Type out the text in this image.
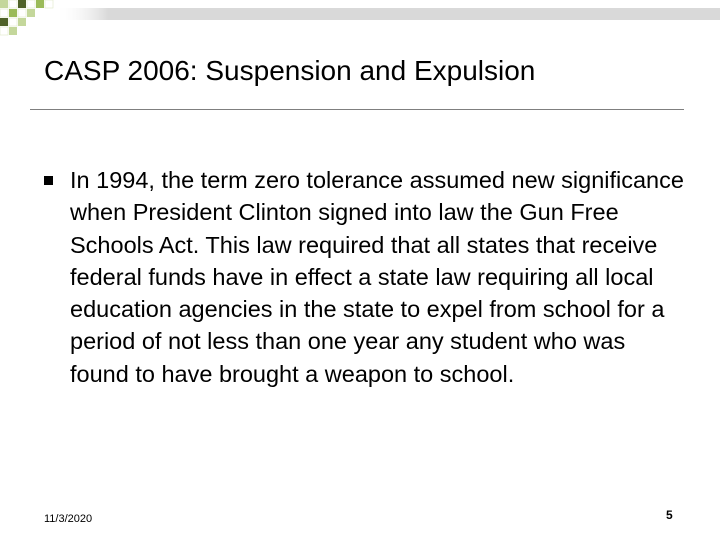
CASP 2006: Suspension and Expulsion
In 1994, the term zero tolerance assumed new significance when President Clinton signed into law the Gun Free Schools Act. This law required that all states that receive federal funds have in effect a state law requiring all local education agencies in the state to expel from school for a period of not less than one year any student who was found to have brought a weapon to school.
11/3/2020	5
